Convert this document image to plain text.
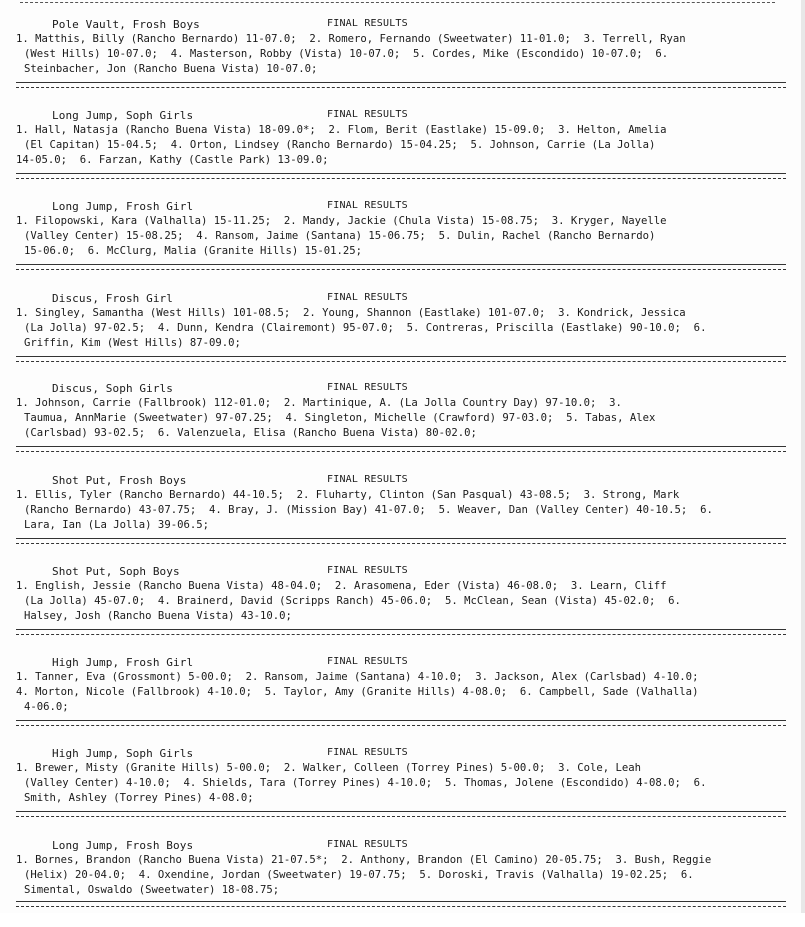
Pole Vault, Frosh Boys	FINAL RESULTS
1. Matthis, Billy (Rancho Bernardo) 11-07.0;  2. Romero, Fernando (Sweetwater) 11-01.0;  3. Terrell, Ryan
(West Hills) 10-07.0;  4. Masterson, Robby (Vista) 10-07.0;  5. Cordes, Mike (Escondido) 10-07.0;  6.
Steinbacher, Jon (Rancho Buena Vista) 10-07.0;
Long Jump, Soph Girls	FINAL RESULTS
1. Hall, Natasja (Rancho Buena Vista) 18-09.0*;  2. Flom, Berit (Eastlake) 15-09.0;  3. Helton, Amelia
(El Capitan) 15-04.5;  4. Orton, Lindsey (Rancho Bernardo) 15-04.25;  5. Johnson, Carrie (La Jolla)
14-05.0;  6. Farzan, Kathy (Castle Park) 13-09.0;
Long Jump, Frosh Girl	FINAL RESULTS
1. Filopowski, Kara (Valhalla) 15-11.25;  2. Mandy, Jackie (Chula Vista) 15-08.75;  3. Kryger, Nayelle
(Valley Center) 15-08.25;  4. Ransom, Jaime (Santana) 15-06.75;  5. Dulin, Rachel (Rancho Bernardo)
15-06.0;  6. McClurg, Malia (Granite Hills) 15-01.25;
Discus, Frosh Girl	FINAL RESULTS
1. Singley, Samantha (West Hills) 101-08.5;  2. Young, Shannon (Eastlake) 101-07.0;  3. Kondrick, Jessica
(La Jolla) 97-02.5;  4. Dunn, Kendra (Clairemont) 95-07.0;  5. Contreras, Priscilla (Eastlake) 90-10.0;  6.
Griffin, Kim (West Hills) 87-09.0;
Discus, Soph Girls	FINAL RESULTS
1. Johnson, Carrie (Fallbrook) 112-01.0;  2. Martinique, A. (La Jolla Country Day) 97-10.0;  3.
Taumua, AnnMarie (Sweetwater) 97-07.25;  4. Singleton, Michelle (Crawford) 97-03.0;  5. Tabas, Alex
(Carlsbad) 93-02.5;  6. Valenzuela, Elisa (Rancho Buena Vista) 80-02.0;
Shot Put, Frosh Boys	FINAL RESULTS
1. Ellis, Tyler (Rancho Bernardo) 44-10.5;  2. Fluharty, Clinton (San Pasqual) 43-08.5;  3. Strong, Mark
(Rancho Bernardo) 43-07.75;  4. Bray, J. (Mission Bay) 41-07.0;  5. Weaver, Dan (Valley Center) 40-10.5;  6.
Lara, Ian (La Jolla) 39-06.5;
Shot Put, Soph Boys	FINAL RESULTS
1. English, Jessie (Rancho Buena Vista) 48-04.0;  2. Arasomena, Eder (Vista) 46-08.0;  3. Learn, Cliff
(La Jolla) 45-07.0;  4. Brainerd, David (Scripps Ranch) 45-06.0;  5. McClean, Sean (Vista) 45-02.0;  6.
Halsey, Josh (Rancho Buena Vista) 43-10.0;
High Jump, Frosh Girl	FINAL RESULTS
1. Tanner, Eva (Grossmont) 5-00.0;  2. Ransom, Jaime (Santana) 4-10.0;  3. Jackson, Alex (Carlsbad) 4-10.0;
4. Morton, Nicole (Fallbrook) 4-10.0;  5. Taylor, Amy (Granite Hills) 4-08.0;  6. Campbell, Sade (Valhalla)
4-06.0;
High Jump, Soph Girls	FINAL RESULTS
1. Brewer, Misty (Granite Hills) 5-00.0;  2. Walker, Colleen (Torrey Pines) 5-00.0;  3. Cole, Leah
(Valley Center) 4-10.0;  4. Shields, Tara (Torrey Pines) 4-10.0;  5. Thomas, Jolene (Escondido) 4-08.0;  6.
Smith, Ashley (Torrey Pines) 4-08.0;
Long Jump, Frosh Boys	FINAL RESULTS
1. Bornes, Brandon (Rancho Buena Vista) 21-07.5*;  2. Anthony, Brandon (El Camino) 20-05.75;  3. Bush, Reggie
(Helix) 20-04.0;  4. Oxendine, Jordan (Sweetwater) 19-07.75;  5. Doroski, Travis (Valhalla) 19-02.25;  6.
Simental, Oswaldo (Sweetwater) 18-08.75;
